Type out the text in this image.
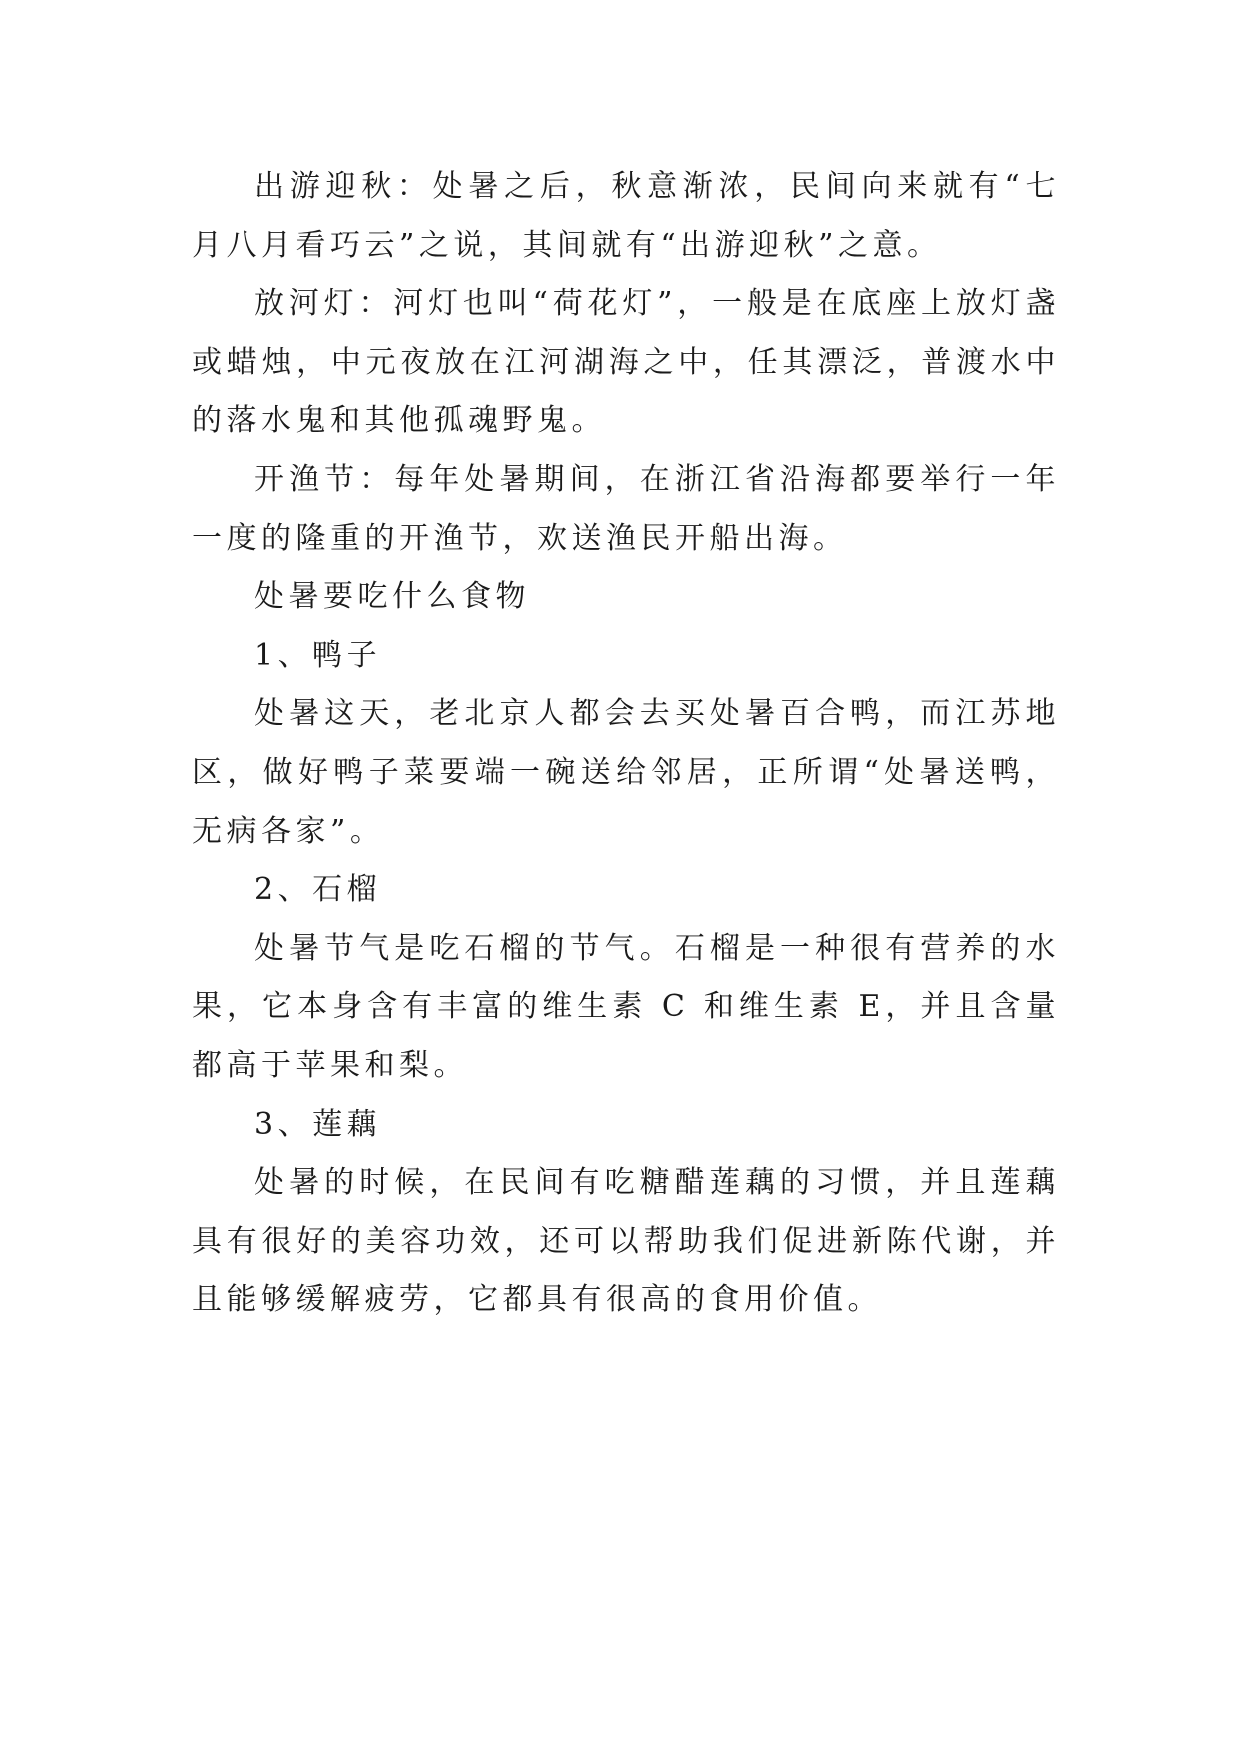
出游迎秋：处暑之后，秋意渐浓，民间向来就有“七月八月看巧云”之说，其间就有“出游迎秋”之意。

放河灯：河灯也叫“荷花灯”，一般是在底座上放灯盏或蜡烛，中元夜放在江河湖海之中，任其漂泛，普渡水中的落水鬼和其他孤魂野鬼。

开渔节：每年处暑期间，在浙江省沿海都要举行一年一度的隆重的开渔节，欢送渔民开船出海。

处暑要吃什么食物

1、鸭子

处暑这天，老北京人都会去买处暑百合鸭，而江苏地区，做好鸭子菜要端一碗送给邻居，正所谓“处暑送鸭，无病各家”。

2、石榴

处暑节气是吃石榴的节气。石榴是一种很有营养的水果，它本身含有丰富的维生素 C 和维生素 E，并且含量都高于苹果和梨。

3、莲藕

处暑的时候，在民间有吃糖醋莲藕的习惯，并且莲藕具有很好的美容功效，还可以帮助我们促进新陈代谢，并且能够缓解疲劳，它都具有很高的食用价值。
